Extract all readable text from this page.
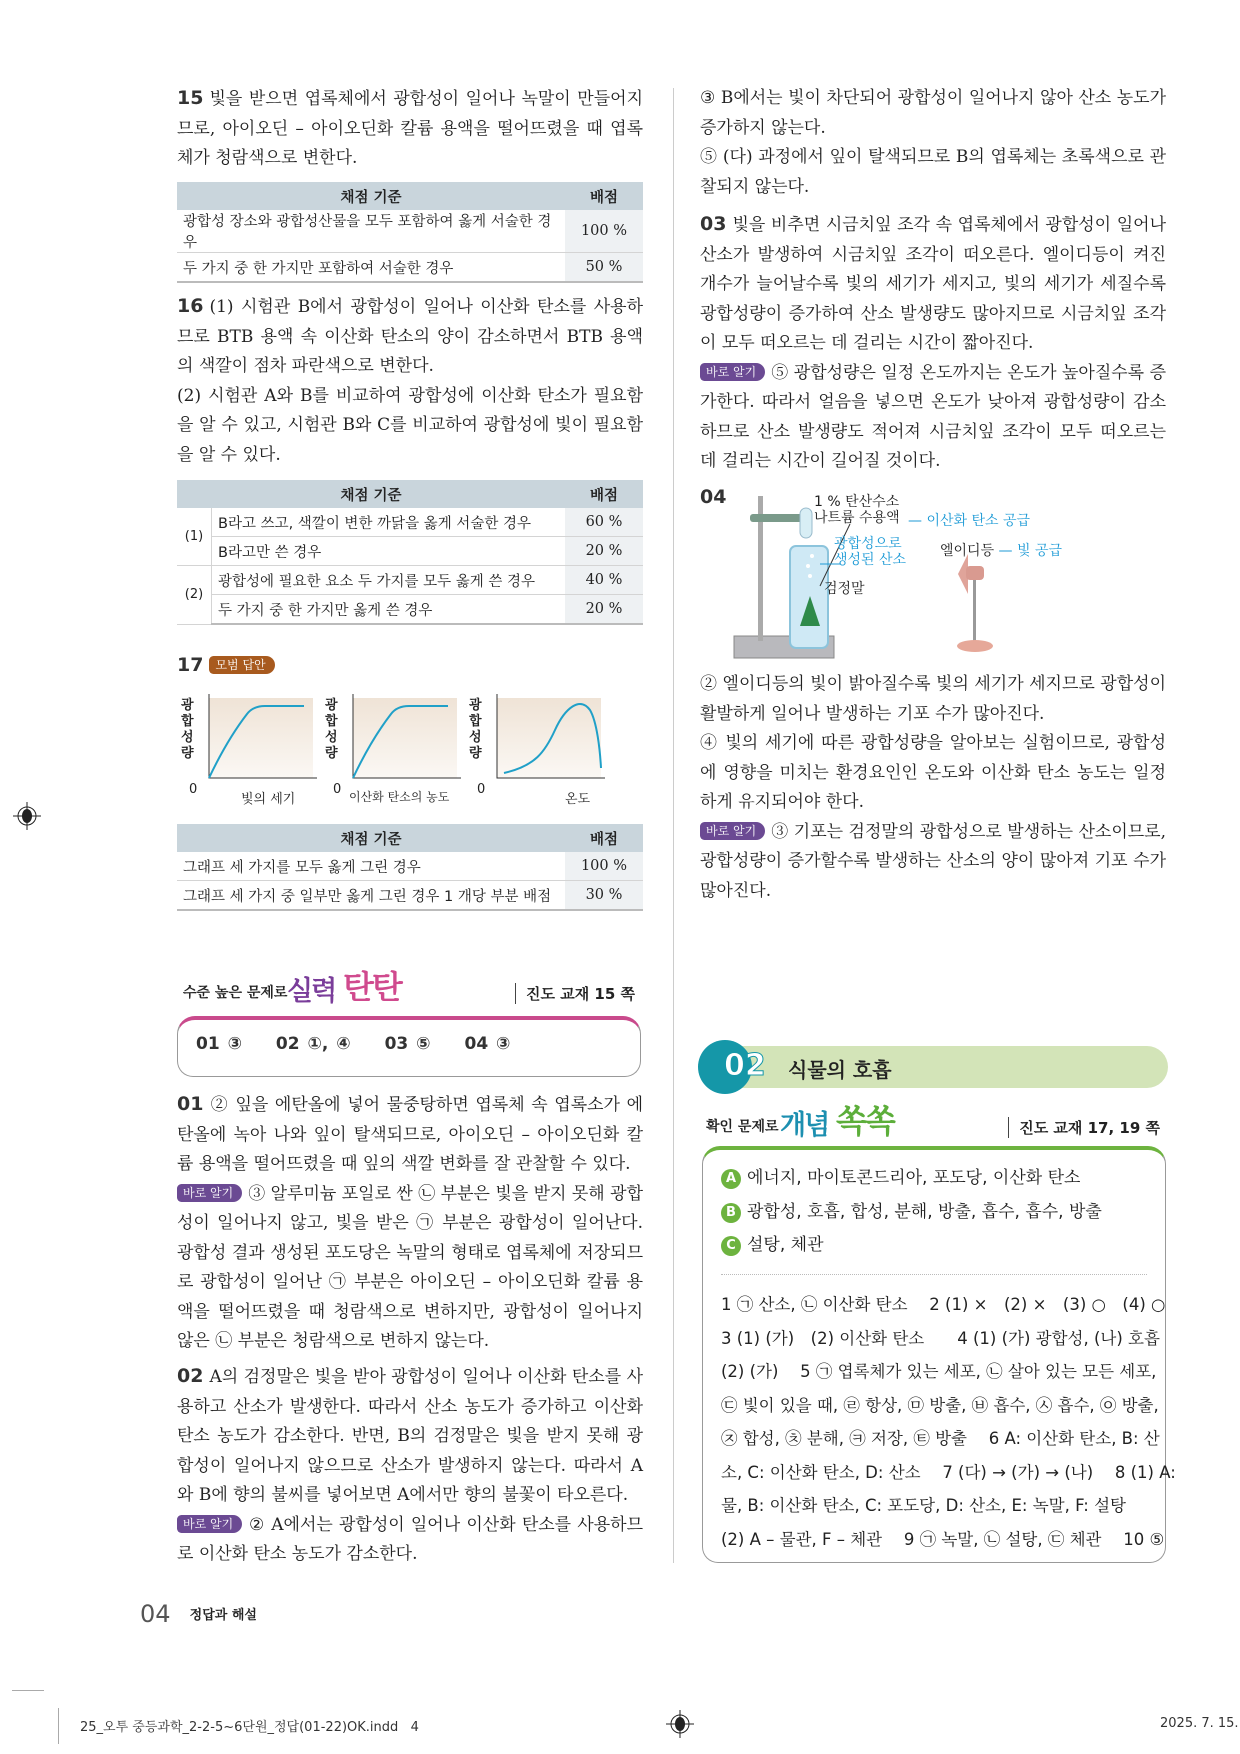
15 빛을 받으면 엽록체에서 광합성이 일어나 녹말이 만들어지므로, 아이오딘 – 아이오딘화 칼륨 용액을 떨어뜨렸을 때 엽록체가 청람색으로 변한다.

채점 기준	배점
광합성 장소와 광합성산물을 모두 포함하여 옳게 서술한 경우	100 %
두 가지 중 한 가지만 포함하여 서술한 경우	50 %

16 (1) 시험관 B에서 광합성이 일어나 이산화 탄소를 사용하므로 BTB 용액 속 이산화 탄소의 양이 감소하면서 BTB 용액의 색깔이 점차 파란색으로 변한다.

(2) 시험관 A와 B를 비교하여 광합성에 이산화 탄소가 필요함을 알 수 있고, 시험관 B와 C를 비교하여 광합성에 빛이 필요함을 알 수 있다.

채점 기준		배점
(1)	B라고 쓰고, 색깔이 변한 까닭을 옳게 서술한 경우	60 %
	B라고만 쓴 경우	20 %
(2)	광합성에 필요한 요소 두 가지를 모두 옳게 쓴 경우	40 %
	두 가지 중 한 가지만 옳게 쓴 경우	20 %
17 모범 답안
광합성량
0
빛의 세기
광합성량
0 이산화 탄소의 농도
광합성량
0
온도
채점 기준	배점
그래프 세 가지를 모두 옳게 그린 경우	100 %
그래프 세 가지 중 일부만 옳게 그린 경우 1 개당 부분 배점	30 %
수준 높은 문제로 실력 탄탄	진도 교재 15 쪽
01 ③ 02 ①, ④ 03 ⑤ 04 ③

01 ② 잎을 에탄올에 넣어 물중탕하면 엽록체 속 엽록소가 에탄올에 녹아 나와 잎이 탈색되므로, 아이오딘 – 아이오딘화 칼륨 용액을 떨어뜨렸을 때 잎의 색깔 변화를 잘 관찰할 수 있다.

바로 알기 ③ 알루미늄 포일로 싼 ㉡ 부분은 빛을 받지 못해 광합성이 일어나지 않고, 빛을 받은 ㉠ 부분은 광합성이 일어난다. 광합성 결과 생성된 포도당은 녹말의 형태로 엽록체에 저장되므로 광합성이 일어난 ㉠ 부분은 아이오딘 – 아이오딘화 칼륨 용액을 떨어뜨렸을 때 청람색으로 변하지만, 광합성이 일어나지 않은 ㉡ 부분은 청람색으로 변하지 않는다.

02 A의 검정말은 빛을 받아 광합성이 일어나 이산화 탄소를 사용하고 산소가 발생한다. 따라서 산소 농도가 증가하고 이산화 탄소 농도가 감소한다. 반면, B의 검정말은 빛을 받지 못해 광합성이 일어나지 않으므로 산소가 발생하지 않는다. 따라서 A와 B에 향의 불씨를 넣어보면 A에서만 향의 불꽃이 타오른다.

바로 알기 ② A에서는 광합성이 일어나 이산화 탄소를 사용하므로 이산화 탄소 농도가 감소한다.

③ B에서는 빛이 차단되어 광합성이 일어나지 않아 산소 농도가 증가하지 않는다.

⑤ (다) 과정에서 잎이 탈색되므로 B의 엽록체는 초록색으로 관찰되지 않는다.

03 빛을 비추면 시금치잎 조각 속 엽록체에서 광합성이 일어나 산소가 발생하여 시금치잎 조각이 떠오른다. 엘이디등이 켜진 개수가 늘어날수록 빛의 세기가 세지고, 빛의 세기가 세질수록 광합성량이 증가하여 산소 발생량도 많아지므로 시금치잎 조각이 모두 떠오르는 데 걸리는 시간이 짧아진다.

바로 알기 ⑤ 광합성량은 일정 온도까지는 온도가 높아질수록 증가한다. 따라서 얼음을 넣으면 온도가 낮아져 광합성량이 감소하므로 산소 발생량도 적어져 시금치잎 조각이 모두 떠오르는 데 걸리는 시간이 길어질 것이다.

04	1 % 탄산수소
나트륨 수용액 — 이산화 탄소 공급
광합성으로
생성된 산소
검정말
엘이디등 — 빛 공급

② 엘이디등의 빛이 밝아질수록 빛의 세기가 세지므로 광합성이 활발하게 일어나 발생하는 기포 수가 많아진다.

④ 빛의 세기에 따른 광합성량을 알아보는 실험이므로, 광합성에 영향을 미치는 환경요인인 온도와 이산화 탄소 농도는 일정하게 유지되어야 한다.

바로 알기 ③ 기포는 검정말의 광합성으로 발생하는 산소이므로, 광합성량이 증가할수록 발생하는 산소의 양이 많아져 기포 수가 많아진다.

02 식물의 호흡
확인 문제로 개념 쏙쏙	진도 교재 17, 19 쪽
A 에너지, 마이토콘드리아, 포도당, 이산화 탄소
B 광합성, 호흡, 합성, 분해, 방출, 흡수, 흡수, 방출
C 설탕, 체관
1 ㉠ 산소, ㉡ 이산화 탄소　 2 (1) ×　(2) ×　(3) ○　(4) ○
3 (1) (가)　(2) 이산화 탄소　　4 (1) (가) 광합성, (나) 호흡
(2) (가)　 5 ㉠ 엽록체가 있는 세포, ㉡ 살아 있는 모든 세포,
㉢ 빛이 있을 때, ㉣ 항상, ㉤ 방출, ㉥ 흡수, ㉦ 흡수, ㉧ 방출,
㉨ 합성, ㉩ 분해, ㉪ 저장, ㉫ 방출　 6 A: 이산화 탄소, B: 산
소, C: 이산화 탄소, D: 산소　 7 (다) → (가) → (나)　 8 (1) A:
물, B: 이산화 탄소, C: 포도당, D: 산소, E: 녹말, F: 설탕
(2) A – 물관, F – 체관　 9 ㉠ 녹말, ㉡ 설탕, ㉢ 체관　 10 ⑤
04 정답과 해설
25_오투 중등과학_2-2-5~6단원_정답(01-22)OK.indd   4	2025. 7. 15.
